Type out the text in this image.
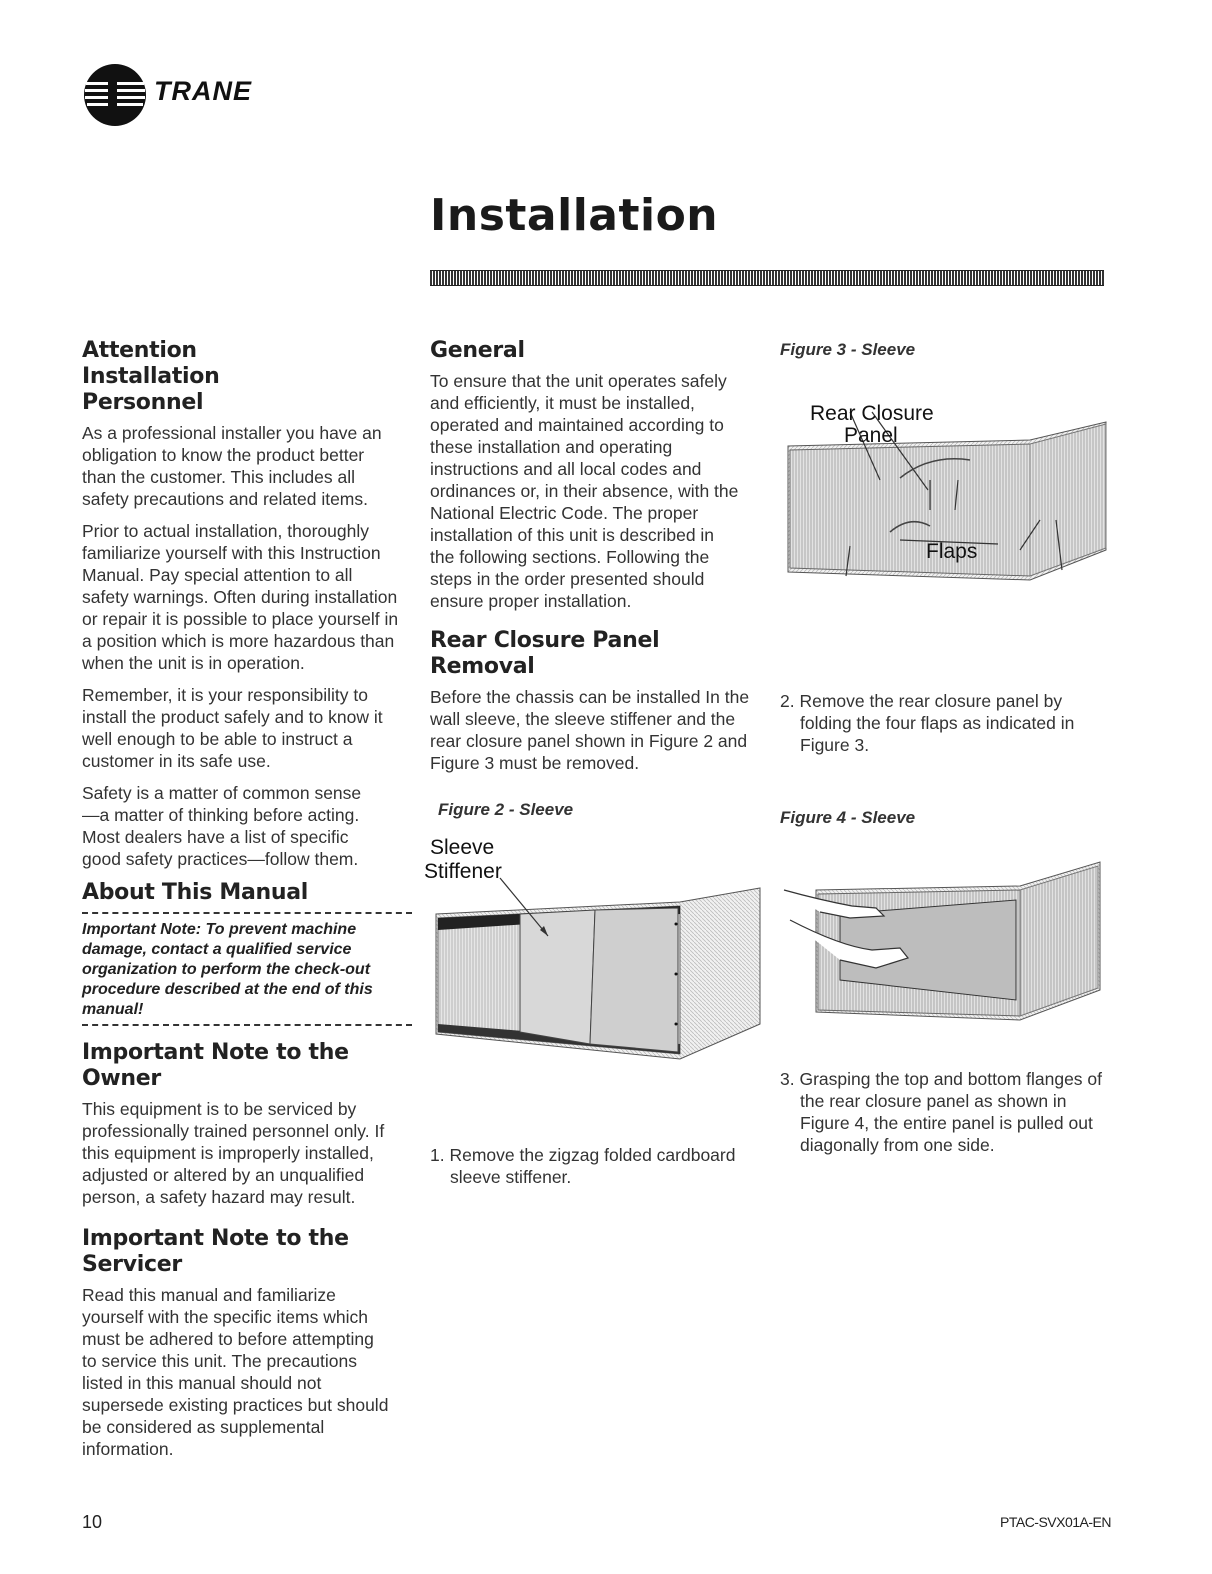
TRANE
Installation
Attention Installation Personnel

As a professional installer you have an obligation to know the product better than the customer. This includes all safety precautions and related items.

Prior to actual installation, thoroughly familiarize yourself with this Instruction Manual. Pay special attention to all safety warnings. Often during installation or repair it is possible to place yourself in a position which is more hazardous than when the unit is in operation.

Remember, it is your responsibility to install the product safely and to know it well enough to be able to instruct a customer in its safe use.

Safety is a matter of common sense—a matter of thinking before acting. Most dealers have a list of specific good safety practices—follow them.

About This Manual

Important Note: To prevent machine damage, contact a qualified service organization to perform the check-out procedure described at the end of this manual!

Important Note to the Owner

This equipment is to be serviced by professionally trained personnel only. If this equipment is improperly installed, adjusted or altered by an unqualified person, a safety hazard may result.

Important Note to the Servicer

Read this manual and familiarize yourself with the specific items which must be adhered to before attempting to service this unit. The precautions listed in this manual should not supersede existing practices but should be considered as supplemental information.

General

To ensure that the unit operates safely and efficiently, it must be installed, operated and maintained according to these installation and operating instructions and all local codes and ordinances or, in their absence, with the National Electric Code. The proper installation of this unit is described in the following sections. Following the steps in the order presented should ensure proper installation.

Rear Closure Panel Removal

Before the chassis can be installed In the wall sleeve, the sleeve stiffener and the rear closure panel shown in Figure 2 and Figure 3 must be removed.

Figure 2 - Sleeve
Sleeve
Stiffener
1. Remove the zigzag folded cardboard sleeve stiffener.
Figure 3 - Sleeve
Rear Closure
Panel
Flaps
2. Remove the rear closure panel by folding the four flaps as indicated in Figure 3.
Figure 4 - Sleeve
3. Grasping the top and bottom flanges of the rear closure panel as shown in Figure 4, the entire panel is pulled out diagonally from one side.
10	PTAC-SVX01A-EN
